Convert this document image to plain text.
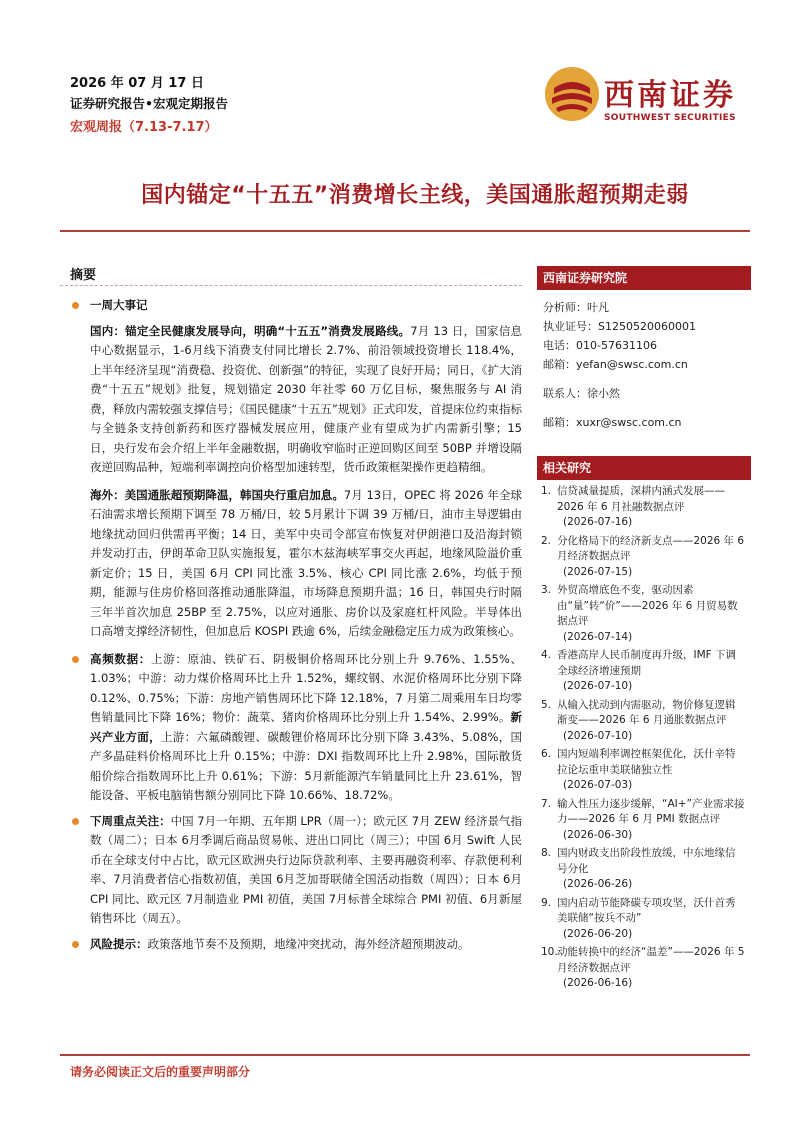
2026 年 07 月 17 日
证券研究报告•宏观定期报告
宏观周报（7.13-7.17）
西南证券
SOUTHWEST SECURITIES
国内锚定“十五五”消费增长主线，美国通胀超预期走弱
摘要
一周大事记
国内：锚定全民健康发展导向，明确“十五五”消费发展路线。7月 13 日，国家信息中心数据显示，1-6月线下消费支付同比增长 2.7%、前沿领域投资增长 118.4%，上半年经济呈现“消费稳、投资优、创新强”的特征，实现了良好开局；同日，《扩大消费“十五五”规划》批复，规划锚定 2030 年社零 60 万亿目标，聚焦服务与 AI 消费，释放内需较强支撑信号；《国民健康“十五五”规划》正式印发，首提床位约束指标与全链条支持创新药和医疗器械发展应用，健康产业有望成为扩内需新引擎；15 日，央行发布会介绍上半年金融数据，明确收窄临时正逆回购区间至 50BP 并增设隔夜逆回购品种，短端利率调控向价格型加速转型，货币政策框架操作更趋精细。
海外：美国通胀超预期降温，韩国央行重启加息。7月 13日，OPEC 将 2026 年全球石油需求增长预期下调至 78 万桶/日，较 5月累计下调 39 万桶/日，油市主导逻辑由地缘扰动回归供需再平衡；14 日，美军中央司令部宣布恢复对伊朗港口及沿海封锁并发动打击，伊朗革命卫队实施报复，霍尔木兹海峡军事交火再起，地缘风险溢价重新定价；15 日，美国 6月 CPI 同比涨 3.5%、核心 CPI 同比涨 2.6%，均低于预期，能源与住房价格回落推动通胀降温，市场降息预期升温；16 日，韩国央行时隔三年半首次加息 25BP 至 2.75%，以应对通胀、房价以及家庭杠杆风险。半导体出口高增支撑经济韧性，但加息后 KOSPI 跌逾 6%，后续金融稳定压力成为政策核心。
高频数据：上游：原油、铁矿石、阴极铜价格周环比分别上升 9.76%、1.55%、1.03%；中游：动力煤价格周环比上升 1.52%，螺纹钢、水泥价格周环比分别下降 0.12%、0.75%；下游：房地产销售周环比下降 12.18%，7 月第二周乘用车日均零售销量同比下降 16%；物价：蔬菜、猪肉价格周环比分别上升 1.54%、2.99%。新兴产业方面，上游：六氟磷酸锂、碳酸锂价格周环比分别下降 3.43%、5.08%，国产多晶硅料价格周环比上升 0.15%；中游：DXI 指数周环比上升 2.98%，国际散货船价综合指数周环比上升 0.61%；下游：5月新能源汽车销量同比上升 23.61%，智能设备、平板电脑销售额分别同比下降 10.66%、18.72%。
下周重点关注：中国 7月一年期、五年期 LPR（周一）；欧元区 7月 ZEW 经济景气指数（周二）；日本 6月季调后商品贸易帐、进出口同比（周三）；中国 6月 Swift 人民币在全球支付中占比，欧元区欧洲央行边际贷款利率、主要再融资利率、存款便利利率、7月消费者信心指数初值，美国 6月芝加哥联储全国活动指数（周四）；日本 6月 CPI 同比、欧元区 7月制造业 PMI 初值，美国 7月标普全球综合 PMI 初值、6月新屋销售环比（周五）。
风险提示：政策落地节奏不及预期，地缘冲突扰动，海外经济超预期波动。
西南证券研究院
分析师：叶凡
执业证号：S1250520060001
电话：010-57631106
邮箱：yefan@swsc.com.cn
联系人：徐小然
邮箱：xuxr@swsc.com.cn
相关研究
1. 信贷减量提质，深耕内涵式发展——2026 年 6 月社融数据点评
(2026-07-16)
2. 分化格局下的经济新支点——2026 年 6 月经济数据点评
(2026-07-15)
3. 外贸高增底色不变，驱动因素由“量”转“价”——2026 年 6 月贸易数据点评
(2026-07-14)
4. 香港高岸人民币制度再升级，IMF 下调全球经济增速预期
(2026-07-10)
5. 从输入扰动到内需驱动，物价修复逻辑渐变——2026 年 6 月通胀数据点评
(2026-07-10)
6. 国内短端利率调控框架优化，沃什辛特拉论坛重申美联储独立性
(2026-07-03)
7. 输入性压力逐步缓解，“AI+”产业需求接力——2026 年 6 月 PMI 数据点评
(2026-06-30)
8. 国内财政支出阶段性放缓，中东地缘信号分化
(2026-06-26)
9. 国内启动节能降碳专项攻坚，沃什首秀美联储“按兵不动”
(2026-06-20)
10. 动能转换中的经济“温差”——2026 年 5 月经济数据点评
(2026-06-16)
请务必阅读正文后的重要声明部分
